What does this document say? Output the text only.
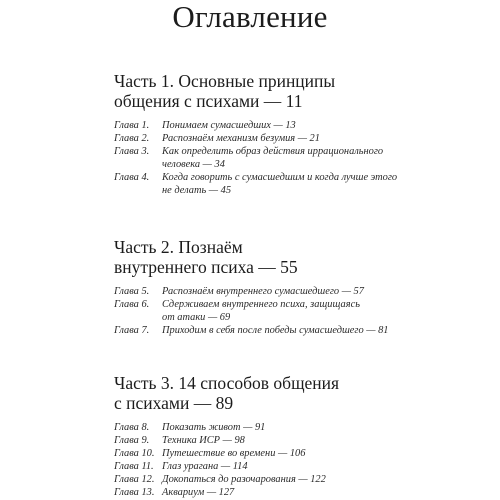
Оглавление
Часть 1. Основные принципы
общения с психами — 11
Глава 1.	Понимаем сумасшедших — 13
Глава 2.	Распознаём механизм безумия — 21
Глава 3.	Как определить образ действия иррационального
человека — 34
Глава 4.	Когда говорить с сумасшедшим и когда лучше этого
не делать — 45
Часть 2. Познаём
внутреннего психа — 55
Глава 5.	Распознаём внутреннего сумасшедшего — 57
Глава 6.	Сдерживаем внутреннего психа, защищаясь
от атаки — 69
Глава 7.	Приходим в себя после победы сумасшедшего — 81
Часть 3. 14 способов общения
с психами — 89
Глава 8.	Показать живот — 91
Глава 9.	Техника ИСР — 98
Глава 10. Путешествие во времени — 106
Глава 11. Глаз урагана — 114
Глава 12. Докопаться до разочарования — 122
Глава 13. Аквариум — 127
